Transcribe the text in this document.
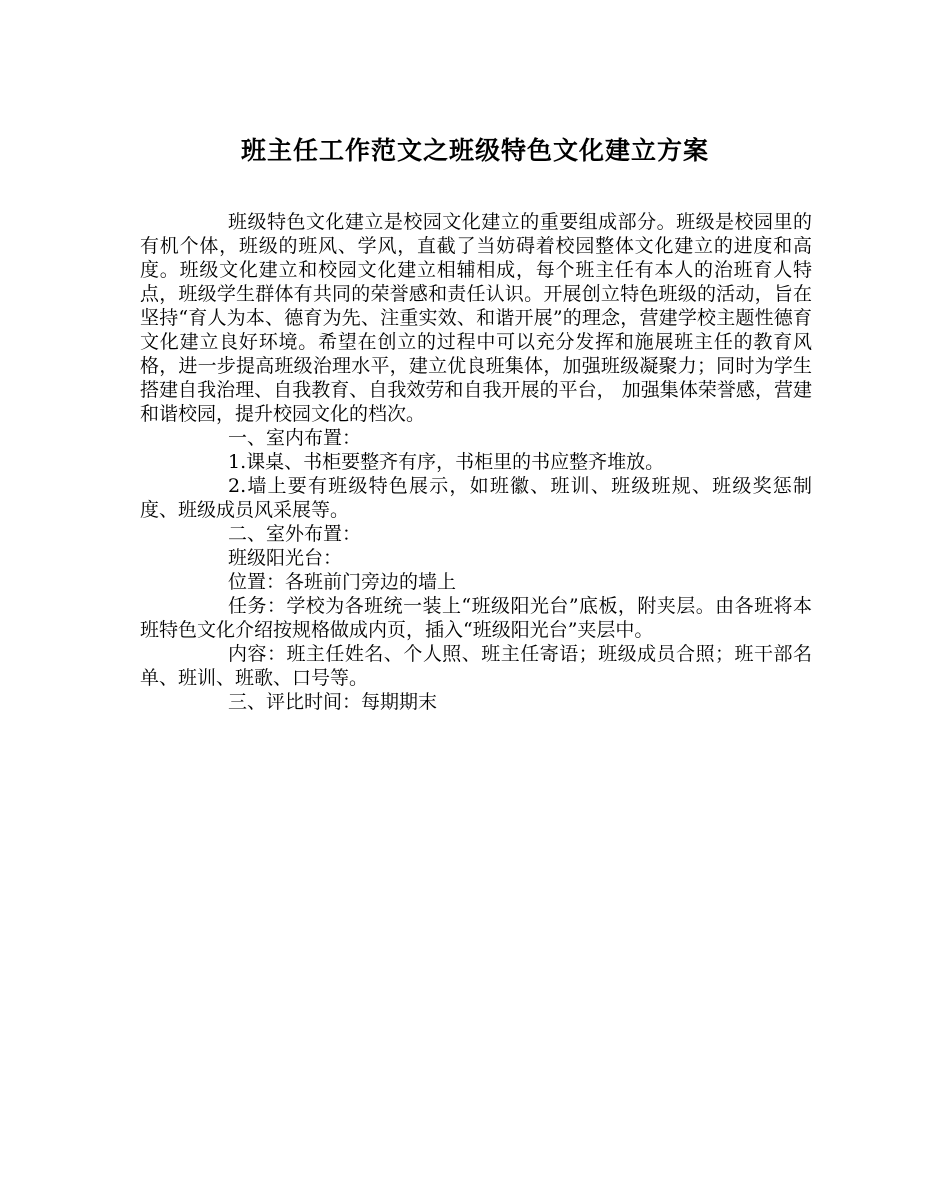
班主任工作范文之班级特色文化建立方案

班级特色文化建立是校园文化建立的重要组成部分。班级是校园里的有机个体，班级的班风、学风，直截了当妨碍着校园整体文化建立的进度和高度。班级文化建立和校园文化建立相辅相成，每个班主任有本人的治班育人特点，班级学生群体有共同的荣誉感和责任认识。开展创立特色班级的活动，旨在坚持“育人为本、德育为先、注重实效、和谐开展”的理念，营建学校主题性德育文化建立良好环境。希望在创立的过程中可以充分发挥和施展班主任的教育风格，进一步提高班级治理水平，建立优良班集体，加强班级凝聚力；同时为学生搭建自我治理、自我教育、自我效劳和自我开展的平台， 加强集体荣誉感，营建和谐校园，提升校园文化的档次。

一、室内布置：

1.课桌、书柜要整齐有序，书柜里的书应整齐堆放。

2.墙上要有班级特色展示，如班徽、班训、班级班规、班级奖惩制度、班级成员风采展等。

二、室外布置：

班级阳光台：

位置：各班前门旁边的墙上

任务：学校为各班统一装上“班级阳光台”底板，附夹层。由各班将本班特色文化介绍按规格做成内页，插入“班级阳光台”夹层中。

内容：班主任姓名、个人照、班主任寄语；班级成员合照；班干部名单、班训、班歌、口号等。

三、评比时间：每期期末
